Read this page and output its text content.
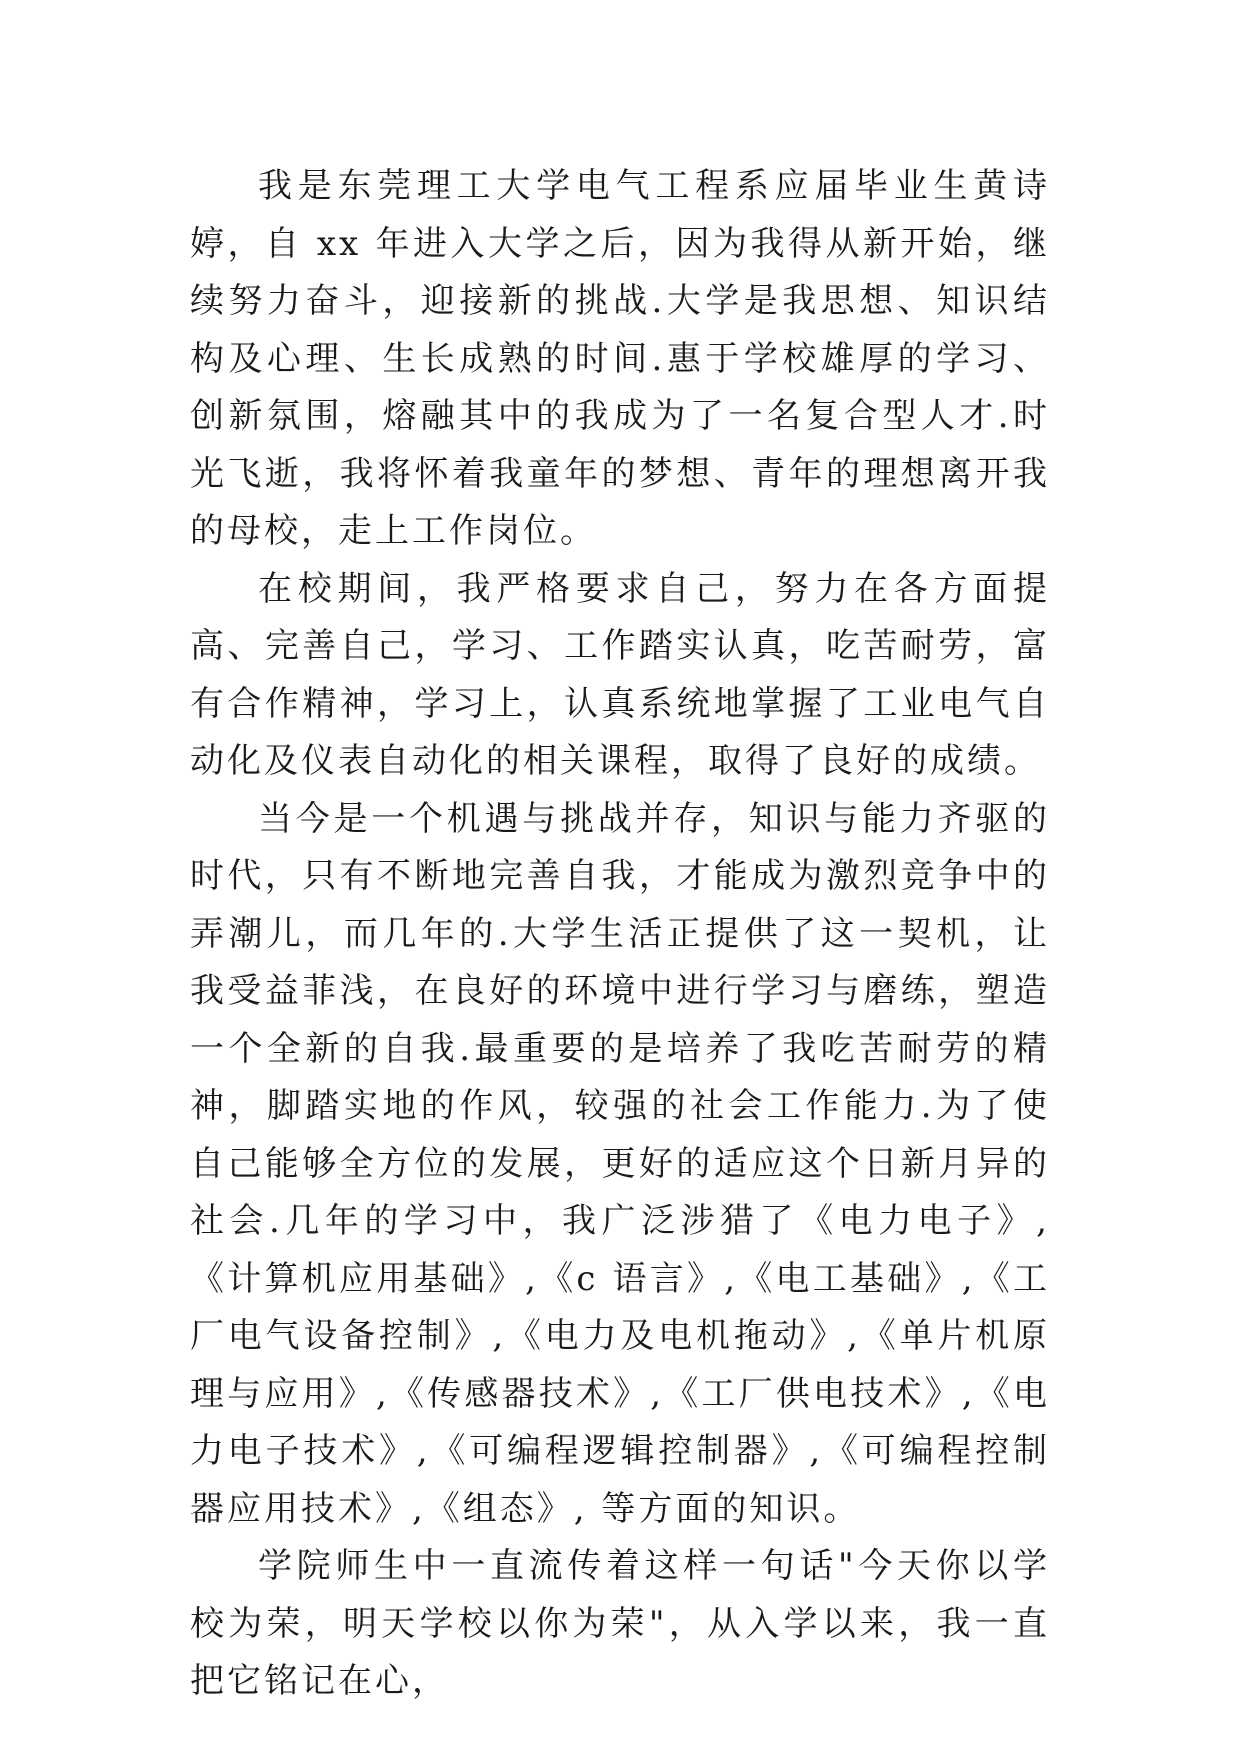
我是东莞理工大学电气工程系应届毕业生黄诗婷，自 xx 年进入大学之后，因为我得从新开始，继续努力奋斗，迎接新的挑战.大学是我思想、知识结构及心理、生长成熟的时间.惠于学校雄厚的学习、创新氛围，熔融其中的我成为了一名复合型人才.时光飞逝，我将怀着我童年的梦想、青年的理想离开我的母校，走上工作岗位。

在校期间，我严格要求自己，努力在各方面提高、完善自己，学习、工作踏实认真，吃苦耐劳，富有合作精神，学习上，认真系统地掌握了工业电气自动化及仪表自动化的相关课程，取得了良好的成绩。

当今是一个机遇与挑战并存，知识与能力齐驱的时代，只有不断地完善自我，才能成为激烈竞争中的弄潮儿，而几年的.大学生活正提供了这一契机，让我受益菲浅，在良好的环境中进行学习与磨练，塑造一个全新的自我.最重要的是培养了我吃苦耐劳的精神，脚踏实地的作风，较强的社会工作能力.为了使自己能够全方位的发展，更好的适应这个日新月异的社会.几年的学习中，我广泛涉猎了《电力电子》,《计算机应用基础》,《c 语言》,《电工基础》,《工厂电气设备控制》,《电力及电机拖动》,《单片机原理与应用》,《传感器技术》,《工厂供电技术》,《电力电子技术》,《可编程逻辑控制器》,《可编程控制器应用技术》,《组态》, 等方面的知识。

学院师生中一直流传着这样一句话"今天你以学校为荣，明天学校以你为荣"，从入学以来，我一直把它铭记在心，
